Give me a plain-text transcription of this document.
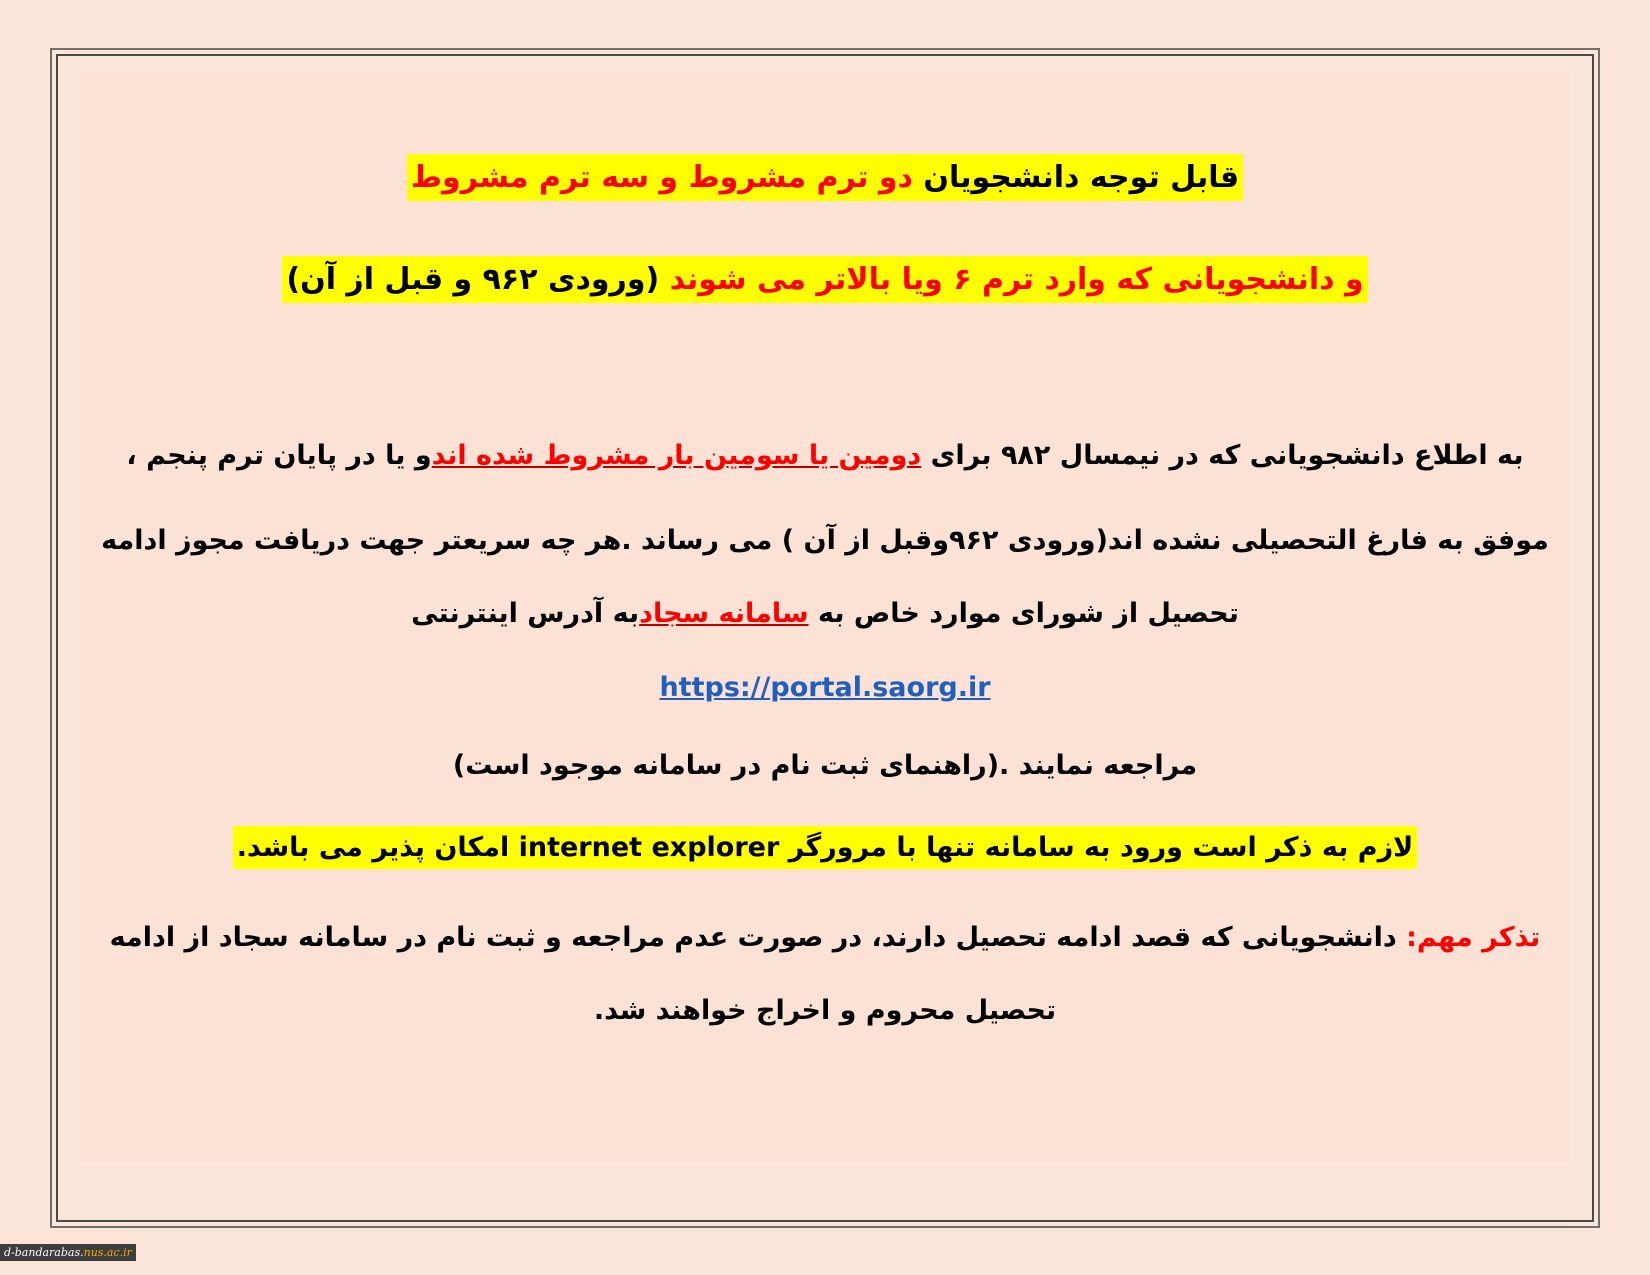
قابل توجه دانشجویان دو ترم مشروط و سه ترم مشروط
و دانشجویانی که وارد ترم ۶ ویا بالاتر می شوند (ورودی ۹۶۲ و قبل از آن)
به اطلاع دانشجویانی که در نیمسال ۹۸۲ برای دومین یا سومین بار مشروط شده اندو یا در پایان ترم پنجم ،
موفق به فارغ التحصیلی نشده اند(ورودی ۹۶۲وقبل از آن ) می رساند .هر چه سریعتر جهت دریافت مجوز ادامه
تحصیل از شورای موارد خاص به سامانه سجادبه آدرس اینترنتی
https://portal.saorg.ir
مراجعه نمایند .(راهنمای ثبت نام در سامانه موجود است)
لازم به ذکر است ورود به سامانه تنها با مرورگر internet explorer امکان پذیر می باشد.
تذکر مهم: دانشجویانی که قصد ادامه تحصیل دارند، در صورت عدم مراجعه و ثبت نام در سامانه سجاد از ادامه
تحصیل محروم و اخراج خواهند شد.
d-bandarabas.nus.ac.ir
